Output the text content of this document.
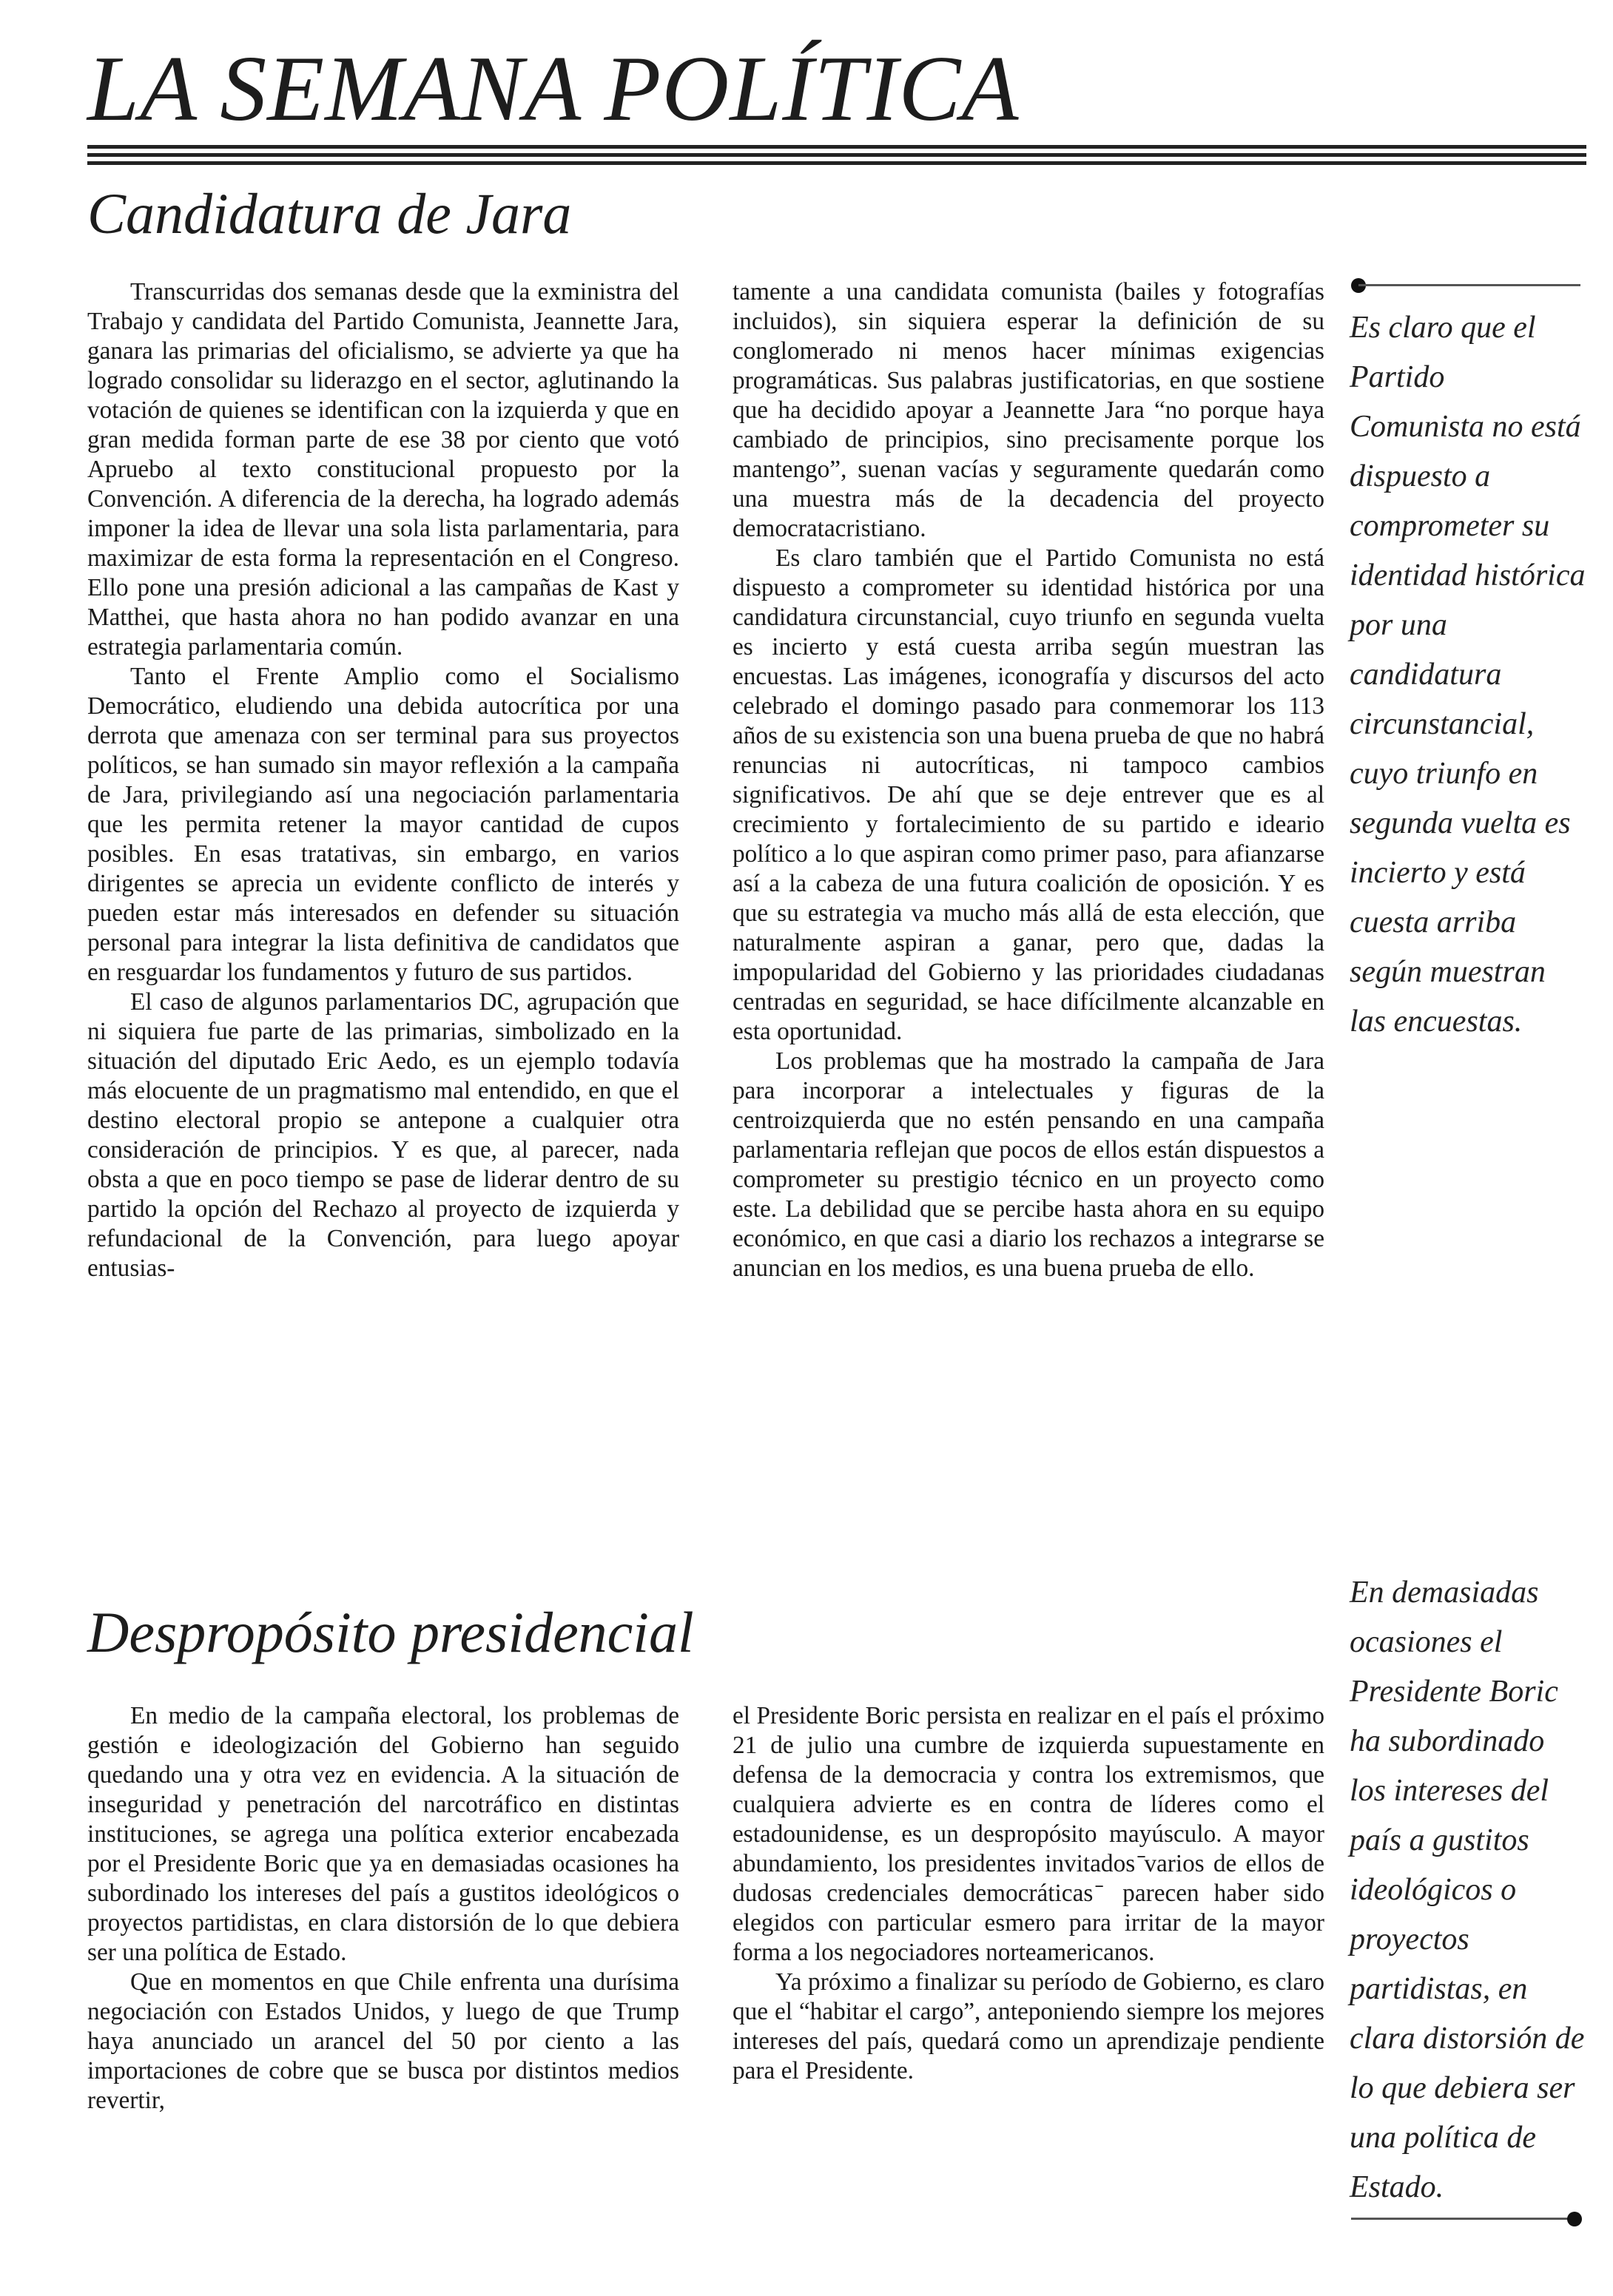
LA SEMANA POLÍTICA
Candidatura de Jara

Transcurridas dos semanas desde que la exministra del Trabajo y candidata del Partido Comunista, Jeannette Jara, ganara las primarias del oficialismo, se advierte ya que ha logrado consolidar su liderazgo en el sector, aglutinando la votación de quienes se identifican con la izquierda y que en gran medida forman parte de ese 38 por ciento que votó Apruebo al texto constitucional propuesto por la Convención. A diferencia de la derecha, ha logrado además imponer la idea de llevar una sola lista parlamentaria, para maximizar de esta forma la representación en el Congreso. Ello pone una presión adicional a las campañas de Kast y Matthei, que hasta ahora no han podido avanzar en una estrategia parlamentaria común.

Tanto el Frente Amplio como el Socialismo Democrático, eludiendo una debida autocrítica por una derrota que amenaza con ser terminal para sus proyectos políticos, se han sumado sin mayor reflexión a la campaña de Jara, privilegiando así una negociación parlamentaria que les permita retener la mayor cantidad de cupos posibles. En esas tratativas, sin embargo, en varios dirigentes se aprecia un evidente conflicto de interés y pueden estar más interesados en defender su situación personal para integrar la lista definitiva de candidatos que en resguardar los fundamentos y futuro de sus partidos.

El caso de algunos parlamentarios DC, agrupación que ni siquiera fue parte de las primarias, simbolizado en la situación del diputado Eric Aedo, es un ejemplo todavía más elocuente de un pragmatismo mal entendido, en que el destino electoral propio se antepone a cualquier otra consideración de principios. Y es que, al parecer, nada obsta a que en poco tiempo se pase de liderar dentro de su partido la opción del Rechazo al proyecto de izquierda y refundacional de la Convención, para luego apoyar entusias-

tamente a una candidata comunista (bailes y fotografías incluidos), sin siquiera esperar la definición de su conglomerado ni menos hacer mínimas exigencias programáticas. Sus palabras justificatorias, en que sostiene que ha decidido apoyar a Jeannette Jara “no porque haya cambiado de principios, sino precisamente porque los mantengo”, suenan vacías y seguramente quedarán como una muestra más de la decadencia del proyecto democratacristiano.

Es claro también que el Partido Comunista no está dispuesto a comprometer su identidad histórica por una candidatura circunstancial, cuyo triunfo en segunda vuelta es incierto y está cuesta arriba según muestran las encuestas. Las imágenes, iconografía y discursos del acto celebrado el domingo pasado para conmemorar los 113 años de su existencia son una buena prueba de que no habrá renuncias ni autocríticas, ni tampoco cambios significativos. De ahí que se deje entrever que es al crecimiento y fortalecimiento de su partido e ideario político a lo que aspiran como primer paso, para afianzarse así a la cabeza de una futura coalición de oposición. Y es que su estrategia va mucho más allá de esta elección, que naturalmente aspiran a ganar, pero que, dadas la impopularidad del Gobierno y las prioridades ciudadanas centradas en seguridad, se hace difícilmente alcanzable en esta oportunidad.

Los problemas que ha mostrado la campaña de Jara para incorporar a intelectuales y figuras de la centroizquierda que no estén pensando en una campaña parlamentaria reflejan que pocos de ellos están dispuestos a comprometer su prestigio técnico en un proyecto como este. La debilidad que se percibe hasta ahora en su equipo económico, en que casi a diario los rechazos a integrarse se anuncian en los medios, es una buena prueba de ello.

Es claro que el Partido Comunista no está dispuesto a comprometer su identidad histórica por una candidatura circunstancial, cuyo triunfo en segunda vuelta es incierto y está cuesta arriba según muestran las encuestas.
Despropósito presidencial

En medio de la campaña electoral, los problemas de gestión e ideologización del Gobierno han seguido quedando una y otra vez en evidencia. A la situación de inseguridad y penetración del narcotráfico en distintas instituciones, se agrega una política exterior encabezada por el Presidente Boric que ya en demasiadas ocasiones ha subordinado los intereses del país a gustitos ideológicos o proyectos partidistas, en clara distorsión de lo que debiera ser una política de Estado.

Que en momentos en que Chile enfrenta una durísima negociación con Estados Unidos, y luego de que Trump haya anunciado un arancel del 50 por ciento a las importaciones de cobre que se busca por distintos medios revertir,

el Presidente Boric persista en realizar en el país el próximo 21 de julio una cumbre de izquierda supuestamente en defensa de la democracia y contra los extremismos, que cualquiera advierte es en contra de líderes como el estadounidense, es un despropósito mayúsculo. A mayor abundamiento, los presidentes invitados ̄varios de ellos de dudosas credenciales democráticas ̄ parecen haber sido elegidos con particular esmero para irritar de la mayor forma a los negociadores norteamericanos.

Ya próximo a finalizar su período de Gobierno, es claro que el “habitar el cargo”, anteponiendo siempre los mejores intereses del país, quedará como un aprendizaje pendiente para el Presidente.

En demasiadas ocasiones el Presidente Boric ha subordinado los intereses del país a gustitos ideológicos o proyectos partidistas, en clara distorsión de lo que debiera ser una política de Estado.
